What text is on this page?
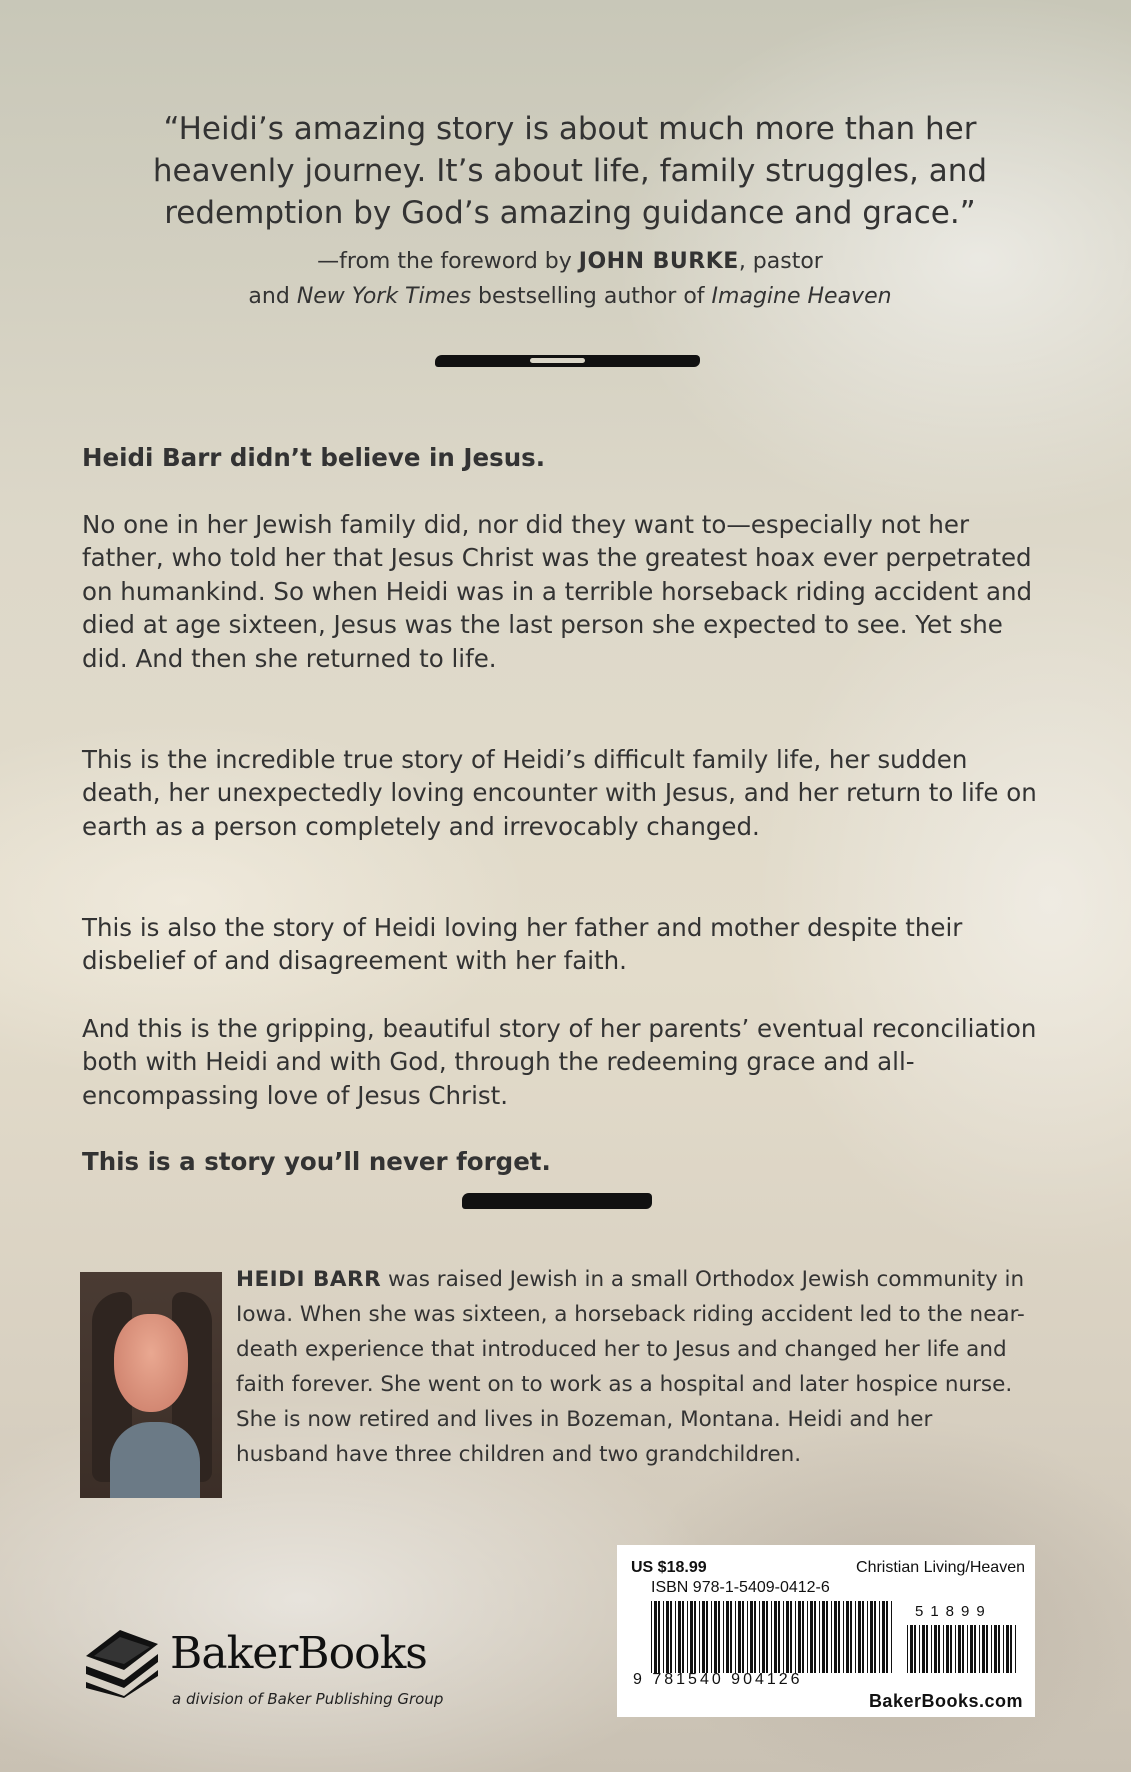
“Heidi’s amazing story is about much more than her
heavenly journey. It’s about life, family struggles, and
redemption by God’s amazing guidance and grace.”
—from the foreword by JOHN BURKE, pastor
and New York Times bestselling author of Imagine Heaven

Heidi Barr didn’t believe in Jesus.

No one in her Jewish family did, nor did they want to—especially not her father, who told her that Jesus Christ was the greatest hoax ever perpetrated on humankind. So when Heidi was in a terrible horseback riding accident and died at age sixteen, Jesus was the last person she expected to see. Yet she did. And then she returned to life.

This is the incredible true story of Heidi’s difficult family life, her sudden death, her unexpectedly loving encounter with Jesus, and her return to life on earth as a person completely and irrevocably changed.

This is also the story of Heidi loving her father and mother despite their disbelief of and disagreement with her faith.

And this is the gripping, beautiful story of her parents’ eventual reconciliation both with Heidi and with God, through the redeeming grace and all-encompassing love of Jesus Christ.

This is a story you’ll never forget.

HEIDI BARR was raised Jewish in a small Orthodox Jewish community in Iowa. When she was sixteen, a horseback riding accident led to the near-death experience that introduced her to Jesus and changed her life and faith forever. She went on to work as a hospital and later hospice nurse. She is now retired and lives in Bozeman, Montana. Heidi and her husband have three children and two grandchildren.
BakerBooks
a division of Baker Publishing Group
US $18.99	Christian Living/Heaven
ISBN 978-1-5409-0412-6
51899
9 781540 904126
BakerBooks.com
